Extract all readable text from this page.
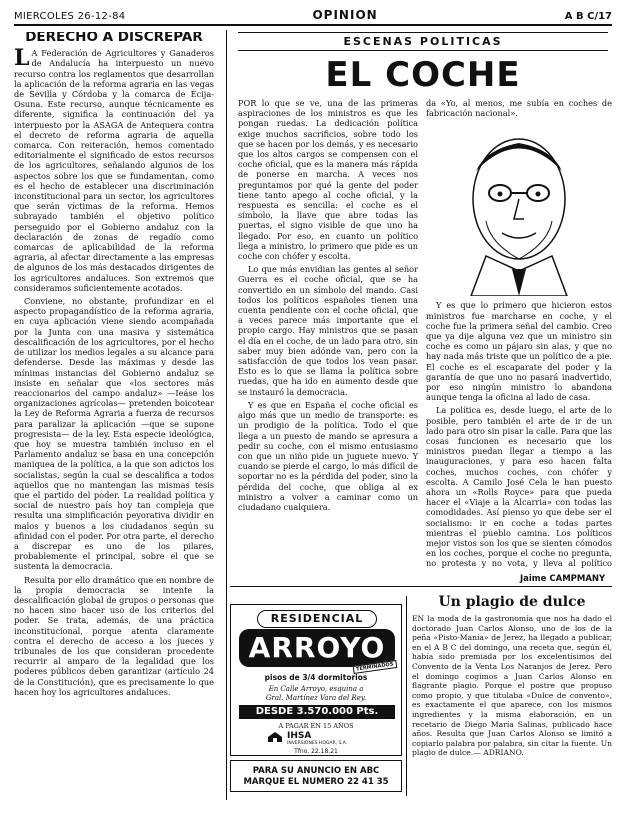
MIERCOLES 26-12-84	OPINION	A B C/17
DERECHO A DISCREPAR

L A Federación de Agricultores y Ganaderos de Andalucía ha interpuesto un nuevo recurso contra los reglamentos que desarrollan la aplicación de la reforma agraria en las vegas de Sevilla y Córdoba y la comarca de Écija-Osuna. Este recurso, aunque técnicamente es diferente, significa la continuación del ya interpuesto por la ASAGA de Antequera contra el decreto de reforma agraria de aquella comarca. Con reiteración, hemos comentado editorialmente el significado de estos recursos de los agricultores, señalando algunos de los aspectos sobre los que se fundamentan, como es el hecho de establecer una discriminación inconstitucional para un sector, los agricultores que serán víctimas de la reforma. Hemos subrayado también el objetivo político perseguido por el Gobierno andaluz con la declaración de zonas de regadío como comarcas de aplicabilidad de la reforma agraria, al afectar directamente a las empresas de algunos de los más destacados dirigentes de los agricultores andaluces. Son extremos que consideramos suficientemente acotados.

Conviene, no obstante, profundizar en el aspecto propagandístico de la reforma agraria, en cuya aplicación viene siendo acompañada por la Junta con una masiva y sistemática descalificación de los agricultores, por el hecho de utilizar los medios legales a su alcance para defenderse. Desde las máximas y desde las mínimas instancias del Gobierno andaluz se insiste en señalar que «los sectores más reaccionarios del campo andaluz» —Ieáse los organizaciones agrícolas— pretenden boicotear la Ley de Reforma Agraria a fuerza de recursos para paralizar la aplicación —que se supone progresista— de la ley. Esta especie ideológica, que hoy se muestra también incluso en el Parlamento andaluz se basa en una concepción maniquea de la política, a la que son adictos los socialistas, según la cual se descalifica a todos aquellos que no mantengan las mismas tesis que el partido del poder. La realidad política y social de nuestro país hoy tan compleja que resulta una simplificación peyorativa dividir en malos y buenos a los ciudadanos según su afinidad con el poder. Por otra parte, el derecho a discrepar es uno de los pilares, probablemente el principal, sobre el que se sustenta la democracia.

Resulta por ello dramático que en nombre de la propia democracia se intente la descalificación global de grupos o personas que no hacen sino hacer uso de los criterios del poder. Se trata, además, de una práctica inconstitucional, porque atenta claramente contra el derecho de acceso a los jueces y tribunales de los que consideran procedente recurrir al amparo de la legalidad que los poderes públicos deben garantizar (artículo 24 de la Constitución), que es precisamente lo que hacen hoy los agricultores andaluces.

ESCENAS POLITICAS
EL COCHE

POR lo que se ve, una de las primeras aspiraciones de los ministros es que les pongan ruedas. La dedicación política exige muchos sacrificios, sobre todo los que se hacen por los demás, y es necesario que los altos cargos se compensen con el coche oficial, que es la manera más rápida de ponerse en marcha. A veces nos preguntamos por qué la gente del poder tiene tanto apego al coche oficial, y la respuesta es sencilla: el coche es el símbolo, la llave que abre todas las puertas, el signo visible de que uno ha llegado. Por eso, en cuanto un político llega a ministro, lo primero que pide es un coche con chófer y escolta.

Lo que más envidian las gentes al señor Guerra es el coche oficial, que se ha convertido en un símbolo del mando. Casi todos los políticos españoles tienen una cuenta pendiente con el coche oficial, que a veces parece más importante que el propio cargo. Hay ministros que se pasan el día en el coche, de un lado para otro, sin saber muy bien adónde van, pero con la satisfacción de que todos los vean pasar. Esto es lo que se llama la política sobre ruedas, que ha ido en aumento desde que se instauró la democracia.

Y es que en España el coche oficial es algo más que un medio de transporte: es un prodigio de la política. Todo el que llega a un puesto de mando se apresura a pedir su coche, con el mismo entusiasmo con que un niño pide un juguete nuevo. Y cuando se pierde el cargo, lo más difícil de soportar no es la pérdida del poder, sino la pérdida del coche, que obliga al ex ministro a volver a caminar como un ciudadano cualquiera.

da «Yo, al menos, me subía en coches de fabricación nacional».

Y es que lo primero que hicieron estos ministros fue marcharse en coche, y el coche fue la primera señal del cambio. Creo que ya dije alguna vez que un ministro sin coche es como un pájaro sin alas, y que no hay nada más triste que un político de a pie. El coche es el escaparate del poder y la garantía de que uno no pasará inadvertido, por eso ningún ministro lo abandona aunque tenga la oficina al lado de casa.

La política es, desde luego, el arte de lo posible, pero también el arte de ir de un lado para otro sin pisar la calle. Para que las cosas funcionen es necesario que los ministros puedan llegar a tiempo a las inauguraciones, y para eso hacen falta coches, muchos coches, con chófer y escolta. A Camilo José Cela le han puesto ahora un «Rolls Royce» para que pueda hacer el «Viaje a la Alcarria» con todas las comodidades. Así pienso yo que debe ser el socialismo: ir en coche a todas partes mientras el pueblo camina. Los políticos mejor vistos son los que se sienten cómodos en los coches, porque el coche no pregunta, no protesta y no vota, y lleva al político

Jaime CAMPMANY
RESIDENCIAL
ARROYO
TERMINADOS
pisos de 3/4 dormitorios
En Calle Arroyo, esquina a
Gral. Martínez Vara del Rey.
DESDE 3.570.000 Pts.
A PAGAR EN 15 AÑOS
IHSA
INVERSIONES HOGAR, S.A.
Tfno. 22.18.21
PARA SU ANUNCIO EN ABC
MARQUE EL NUMERO 22 41 35
Un plagio de dulce

EN la moda de la gastronomía que nos ha dado el doctorado Juan Carlos Alonso, uno de los de la peña «Pisto-Manía» de Jerez, ha llegado a publicar, en el A B C del domingo, una receta que, según él, había sido premiada por los excelentísimos del Convento de la Venta Los Naranjos de Jerez. Pero el domingo cogimos a Juan Carlos Alonso en flagrante plagio. Porque el postre que propuso como propio, y que titulaba «Dulce de convento», es exactamente el que aparece, con los mismos ingredientes y la misma elaboración, en un recetario de Diego María Salinas, publicado hace años. Resulta que Juan Carlos Alonso se limitó a copiarlo palabra por palabra, sin citar la fuente. Un plagio de dulce.— ADRIANO.
